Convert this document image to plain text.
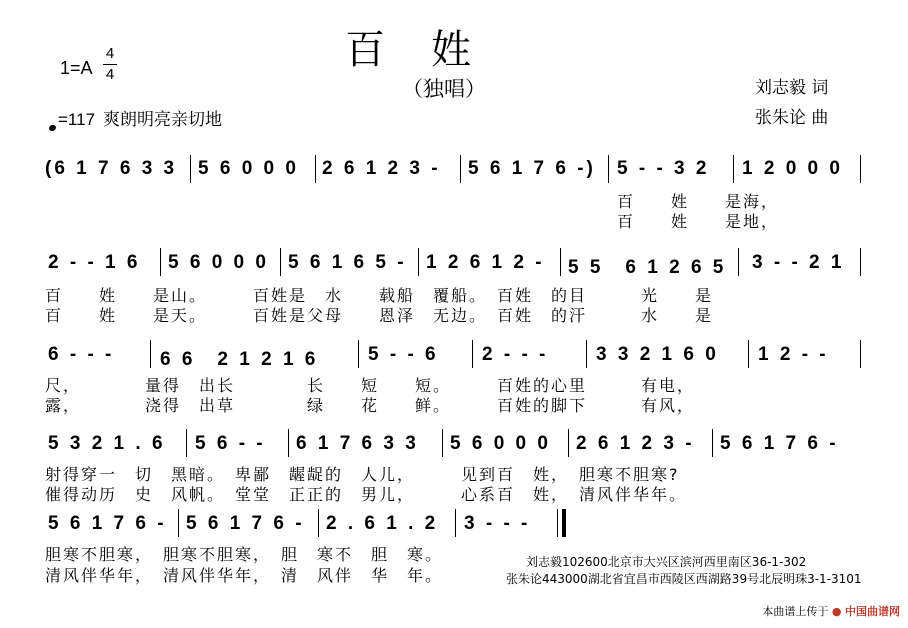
百姓
（独唱）
1=A
4
4
=117 爽朗明亮亲切地
刘志毅 词
张朱论 曲
(6 1 7 6 3 3 5 6 0 0 0 2 6 1 2 3 - 5 6 1 7 6 -) 5 - - 3 2 1 2 0 0 0
百　　姓　　是海，
百　　姓　　是地，
2 - - 1 6 5 6 0 0 0 5 6 1 6 5 - 1 2 6 1 2 - 5 5　6 1 2 6 5 3 - - 2 1
百　　姓　　是山。　　　百姓是　水　　载船　覆船。　百姓　的目　　　光　　是
百　　姓　　是天。　　　百姓是父母　　恩泽　无边。　百姓　的汗　　　水　　是
6 - - - 6 6　2 1 2 1 6	5 - - 6 2 - - -	3 3 2 1 6 0 1 2 - -
尺，　　　　量得　出长　　　　长　　短　　短。　　　百姓的心里　　　有电，
露，　　　　浇得　出草　　　　绿　　花　　鲜。　　　百姓的脚下　　　有风，
5 3 2 1 . 6 5 6 - - 6 1 7 6 3 3 5 6 0 0 0 2 6 1 2 3 - 5 6 1 7 6 -
射得穿一　切　黑暗。　卑鄙　龌龊的　人儿，　　　见到百　姓，　胆寒不胆寒?
催得动历　史　风帆。　堂堂　正正的　男儿，　　　心系百　姓，　清风伴华年。
5 6 1 7 6 - 5 6 1 7 6 - 2 . 6 1 . 2 3 - - -
胆寒不胆寒，　胆寒不胆寒，　胆　寒不　胆　寒。
清风伴华年，　清风伴华年，　清　风伴　华　年。
刘志毅102600北京市大兴区滨河西里南区36-1-302
张朱论443000湖北省宜昌市西陵区西湖路39号北辰明珠3-1-3101
本曲谱上传于 ● 中国曲谱网
